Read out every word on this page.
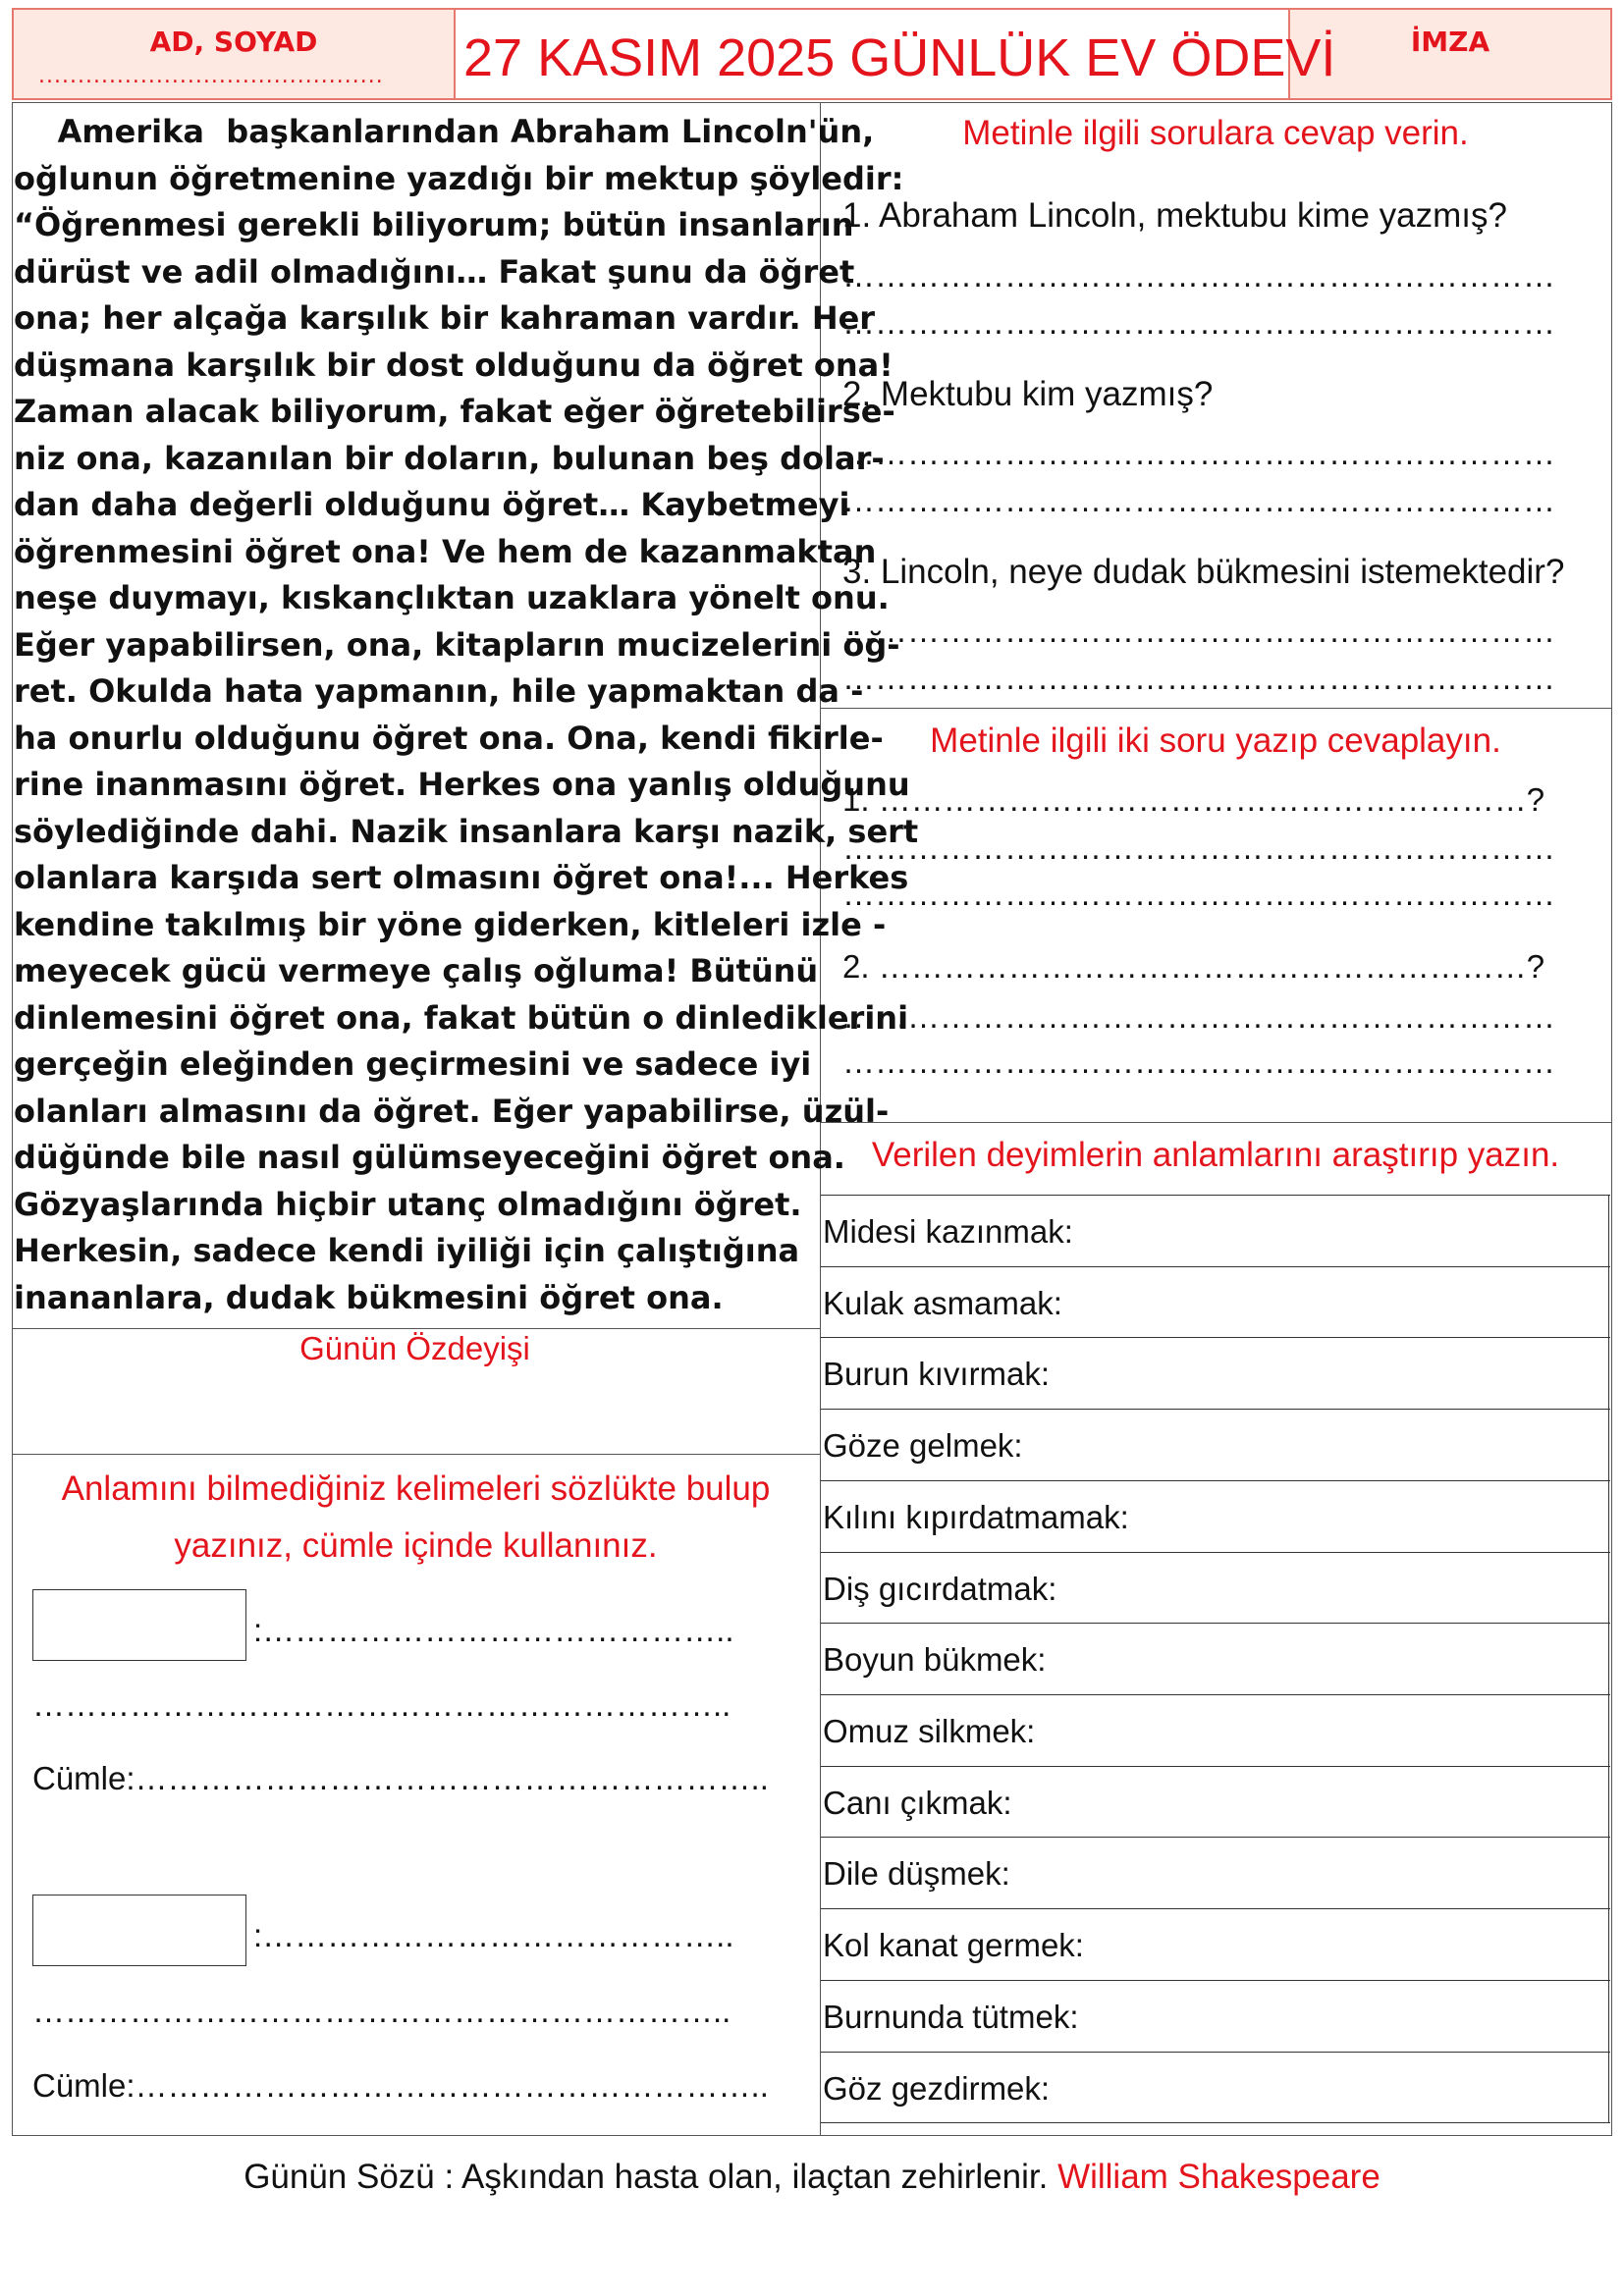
AD, SOYAD
............................................ 27 KASIM 2025 GÜNLÜK EV ÖDEVİ	İMZA
Amerika  başkanlarından Abraham Lincoln'ün,
oğlunun öğretmenine yazdığı bir mektup şöyledir:
“Öğrenmesi gerekli biliyorum; bütün insanların
dürüst ve adil olmadığını… Fakat şunu da öğret
ona; her alçağa karşılık bir kahraman vardır. Her
düşmana karşılık bir dost olduğunu da öğret ona!
Zaman alacak biliyorum, fakat eğer öğretebilirse-
niz ona, kazanılan bir doların, bulunan beş dolar-
dan daha değerli olduğunu öğret… Kaybetmeyi
öğrenmesini öğret ona! Ve hem de kazanmaktan
neşe duymayı, kıskançlıktan uzaklara yönelt onu.
Eğer yapabilirsen, ona, kitapların mucizelerini öğ-
ret. Okulda hata yapmanın, hile yapmaktan da -
ha onurlu olduğunu öğret ona. Ona, kendi fikirle-
rine inanmasını öğret. Herkes ona yanlış olduğunu
söylediğinde dahi. Nazik insanlara karşı nazik, sert
olanlara karşıda sert olmasını öğret ona!... Herkes
kendine takılmış bir yöne giderken, kitleleri izle -
meyecek gücü vermeye çalış oğluma! Bütünü
dinlemesini öğret ona, fakat bütün o dinlediklerini
gerçeğin eleğinden geçirmesini ve sadece iyi
olanları almasını da öğret. Eğer yapabilirse, üzül-
düğünde bile nasıl gülümseyeceğini öğret ona.
Gözyaşlarında hiçbir utanç olmadığını öğret.
Herkesin, sadece kendi iyiliği için çalıştığına
inananlara, dudak bükmesini öğret ona.
Günün Özdeyişi
Anlamını bilmediğiniz kelimeleri sözlükte bulup
yazınız, cümle içinde kullanınız.
:……………………………………..
………………………………………………………..
Cümle:…………………………………………………..
:……………………………………..
………………………………………………………..
Cümle:…………………………………………………..
Metinle ilgili sorulara cevap verin.
1. Abraham Lincoln, mektubu kime yazmış?
…………………………………………………………
…………………………………………………………
2. Mektubu kim yazmış?
…………………………………………………………
…………………………………………………………
3. Lincoln, neye dudak bükmesini istemektedir?
…………………………………………………………
…………………………………………………………
Metinle ilgili iki soru yazıp cevaplayın.
1. ……………………………………………………?
…………………………………………………………
…………………………………………………………
2. ……………………………………………………?
…………………………………………………………
…………………………………………………………
Verilen deyimlerin anlamlarını araştırıp yazın.
Midesi kazınmak:
Kulak asmamak:
Burun kıvırmak:
Göze gelmek:
Kılını kıpırdatmamak:
Diş gıcırdatmak:
Boyun bükmek:
Omuz silkmek:
Canı çıkmak:
Dile düşmek:
Kol kanat germek:
Burnunda tütmek:
Göz gezdirmek:
Günün Sözü : Aşkından hasta olan, ilaçtan zehirlenir. William Shakespeare
